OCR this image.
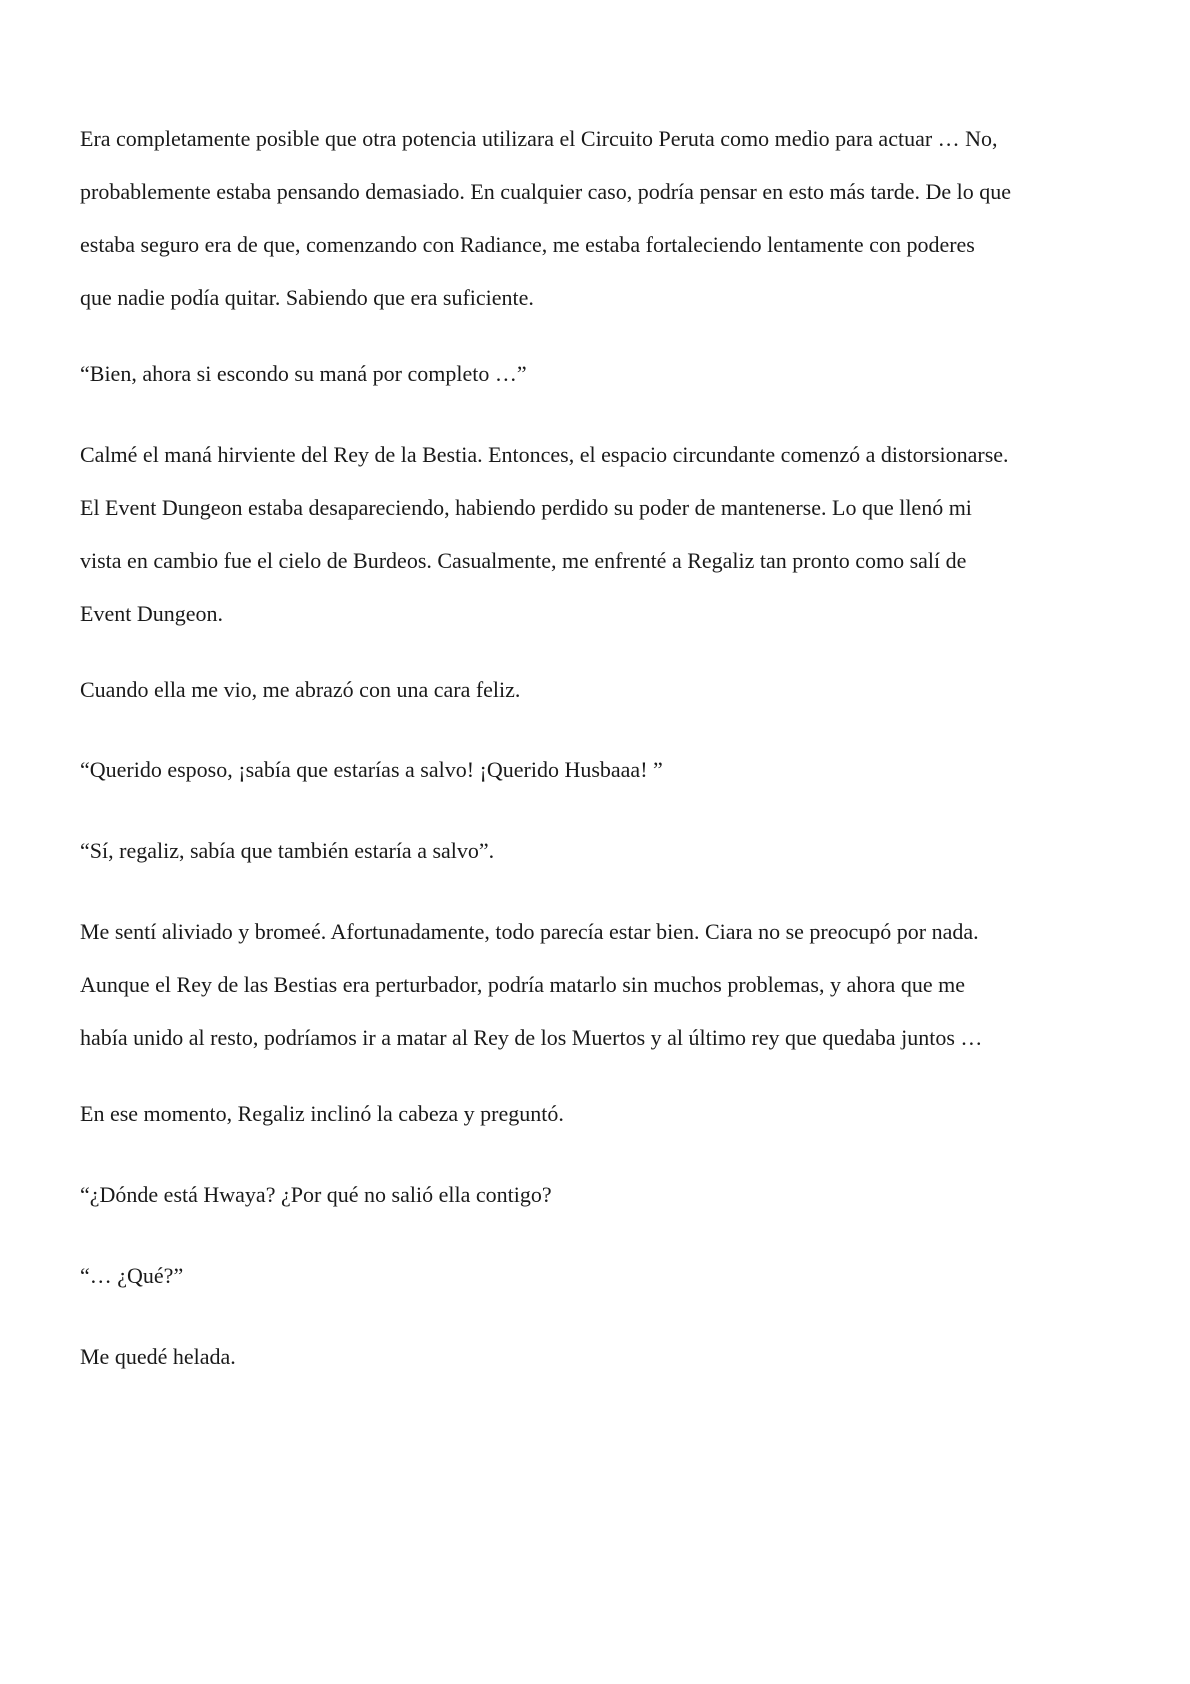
Era completamente posible que otra potencia utilizara el Circuito Peruta como medio para actuar … No,
probablemente estaba pensando demasiado. En cualquier caso, podría pensar en esto más tarde. De lo que
estaba seguro era de que, comenzando con Radiance, me estaba fortaleciendo lentamente con poderes
que nadie podía quitar. Sabiendo que era suficiente.
“Bien, ahora si escondo su maná por completo …”
Calmé el maná hirviente del Rey de la Bestia. Entonces, el espacio circundante comenzó a distorsionarse.
El Event Dungeon estaba desapareciendo, habiendo perdido su poder de mantenerse. Lo que llenó mi
vista en cambio fue el cielo de Burdeos. Casualmente, me enfrenté a Regaliz tan pronto como salí de
Event Dungeon.
Cuando ella me vio, me abrazó con una cara feliz.
“Querido esposo, ¡sabía que estarías a salvo! ¡Querido Husbaaa! ”
“Sí, regaliz, sabía que también estaría a salvo”.
Me sentí aliviado y bromeé. Afortunadamente, todo parecía estar bien. Ciara no se preocupó por nada.
Aunque el Rey de las Bestias era perturbador, podría matarlo sin muchos problemas, y ahora que me
había unido al resto, podríamos ir a matar al Rey de los Muertos y al último rey que quedaba juntos …
En ese momento, Regaliz inclinó la cabeza y preguntó.
“¿Dónde está Hwaya? ¿Por qué no salió ella contigo?
“… ¿Qué?”
Me quedé helada.
